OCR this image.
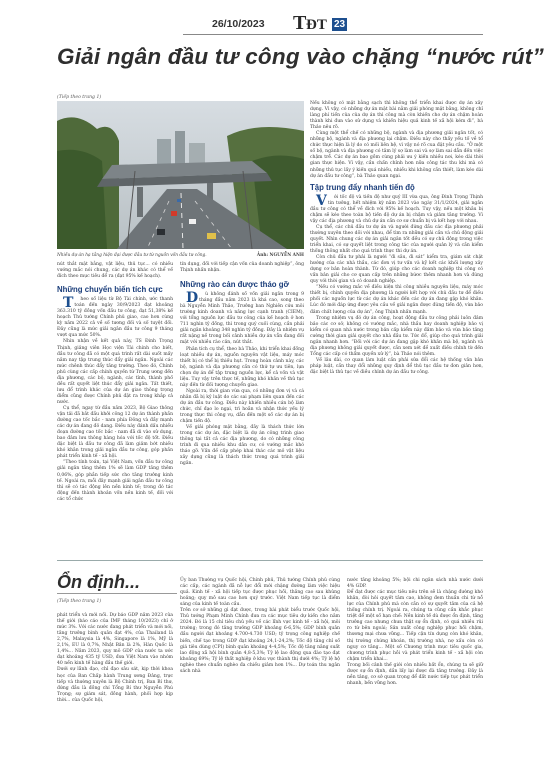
26/10/2023 T ĐT 23
Giải ngân đầu tư công vào chặng “nước rút”
(Tiếp theo trang 1)
Nhiều dự án hạ tầng hiện đại được đầu tư từ nguồn vốn đầu tư công.	Ảnh: NGUYỄN ANH

nút thắt mặt bằng, vật liệu, thủ tục... có nhiều vướng mắc nói chung, các dự án khác có thể về đích theo mục tiêu để ra (đạt 95% kế hoạch).

Những chuyển biến tích cực

Theo số liệu từ Bộ Tài chính, ước thanh toán đến ngày 30/9/2023 đạt khoảng 363.310 tỷ đồng vốn đầu tư công, đạt 51,38% kế hoạch Thủ tướng Chính phủ giao, cao hơn cùng kỳ năm 2022 cả về số tương đối và số tuyệt đối. Đây cũng là mức giải ngân đầu tư công 9 tháng vượt qua mức 50%.

Nhìn nhận về kết quả này, TS Đinh Trọng Thịnh, giảng viên Học viện Tài chính cho biết, đầu tư công đã có một quá trình rất dài suốt mấy năm nay tập trung thúc đẩy giải ngân. Ngoài các mức chênh thúc đẩy tăng trưởng. Theo đó, Chính phủ cùng các cấp chính quyền từ Trung ương đến địa phương, các bộ, ngành, các tỉnh, thành phố đều rất quyết liệt thúc đẩy giải ngân. Tất thiết, lưu đổ trình khác của dự án giao thông trọng điểm cũng được Chính phủ đặt ra trong khắp cả nước.

Cụ thể, ngay từ đầu năm 2023, Bộ Giao thông vận tải đã bắt đầu khởi công 12 dự án thành phần đường cao tốc bắc - nam phía Đông và đầy mạnh các dự án đang đỏ dang. Điều này đánh dấu nhiều đoạn đường cao tốc bắc - nam đã di vào sử dụng, bao đảm lưu thông hàng hóa với tốc độ tốt. Điều đặc biệt là đầu tư công đã làm giảm bớt nhiều khó khăn trong giải ngân đầu tư công, góp phần phát triển kinh tế - xã hội.

“Theo tính toán, tại Việt Nam, vốn đầu tư công giải ngân tăng thêm 1% sẽ làm GDP tăng thêm 0,06%, góp phần tiếp sức cho tăng trưởng kinh tế. Ngoài ra, mỗi đây mạnh giải ngân đầu tư công thì sẽ có tác động lên nền kinh tế; trong đó tác động đến thành khoản vốn nền kinh tế, đối với các tổ chức

tín dụng, đối với tiếp cận vốn của doanh nghiệp”, ông Thịnh nhấn nhận.

Những rào cản được tháo gỡ

Dù không đánh số vốn giải ngân trong 9 tháng đầu năm 2023 là khá cao, song theo bà Nguyễn Minh Thảo, Trưởng ban Nghiên cứu môi trường kinh doanh và năng lực cạnh tranh (CIEM), với tổng nguồn lực đầu tư công của kế hoạch ở hơn 711 nghìn tỷ đồng, thì trong quý cuối cùng, cần phải giải ngân khoảng 348 nghìn tỷ đồng. Đây là nhiệm vụ rất nặng nề trong bối cảnh nhiều dự án vẫn đang đối mặt với nhiều rào cản, nút thắt.

Phân tích cụ thể, theo bà Thảo, khi triển khai đồng loạt nhiều dự án, nguồn nguyên vật liệu, máy móc thiết bị có thể bị thiếu hụt. Trong hoàn cảnh này, các bộ, ngành và địa phương cần có thứ tự ưu tiên, lựa chọn dự án để tập trung nguồn lực, kể cả vốn và vật liệu. Tuy vậy trên thực tế, những khó khăn về thủ tục này đến từ đối tượng chuyển giao.

Ngoài ra, thời gian vừa qua, có những đơn vị và cá nhân đã bị kỷ luật do các sai phạm liên quan đến các dự án đầu tư công. Điều này khiến nhiều cán bộ làm chức, chỉ đạo lo ngại, trì hoãn và nhận thức yếu lý trong thực thi công vụ, dẫn đến một số các dự án bị chậm tiến độ.

Về giải phóng mặt bằng, đây là thách thức lớn trong các dự án, đặc biệt là dự án công trình giao thông tại tất cả các địa phương, do có những công trình đi qua nhiều khu dân cư, có vướng mắc khó tháo gỡ. Vấn đề cấp phép khai thác các mỏ vật liệu xây dựng cũng là thách thức trong quá trình giải ngân.

Nếu không có mặt bằng sạch thì không thể triển khai được dự án xây dựng. Vì vậy, có những dự án mặt bài nằm giải phóng mặt bằng, không chỉ làng phí tiền của của dự án thì công mà còn khiến cho dự án chậm hoàn thành khi đưa vào sử dụng và khiến hiệu quả kinh tế xã hội kém đi”, bà Thảo nêu rõ.

Cùng một thể chế có những bộ, ngành và địa phương giải ngân tốt, có những bộ, ngành và địa phương lại chậm. Điều này cho thấy yếu tố về tổ chức thực hiện là lý do có mối liên hệ, vì vậy nó rõ cua đặt yêu cầu. “Ở một số bộ, ngành và địa phương có tâm lý sợ làm sai và sợ làm sai dẫn đến việc chậm trễ. Các dự án bao gồm cùng phải ưu ý kiến nhiều nơi, kéo dài thời gian thực hiện. Vì vậy, cần chấn chỉnh hơn nữa công tác thu khi mà có những thủ tục lấy ý kiến quá nhiều, nhiều khi không cần thiết, làm kéo dài dự án đầu tư công”, bà Thảo quan ngại.

Tập trung đẩy nhanh tiến độ

Với tốc độ và tiến độ như quý III vừa qua, ông Đinh Trọng Thịnh tin tưởng, hết nhiệm kỳ năm 2023 vào ngày 31/1/2024, giải ngân đầu tư công có thể về đích với 95% kế hoạch. Tuy vậy, nếu một khâu bị chậm sẽ kéo theo toàn bộ tiến độ dự án bị chậm và giảm tăng trưởng. Vì vậy các địa phương và chủ dự án cần cơ sư chuẩn bị và kết hợp với nhau.

Cụ thể, các chủ đầu tư dự án và người đứng đầu các địa phương phải thường xuyên theo dõi với nhau, để tìm ra những giải cần và chủ động giải quyết. Nhìn chung các dự án giải ngân tốt đều có sự chủ động trong việc triển khai, có sự quyết liệt trong công tác của người quản lý và cần kiểm thống thông nhất cho quá trình thực thi dự án.

Còn chủ đầu tư phải là người “đi sâu, đi sát” kiểm tra, giám sát chặt hướng của các nhà thầu, các đơn vị tư vấn và kỹ kết các khối lượng xây dựng cơ bản hoàn thành. Từ đó, giúp cho các doanh nghiệp thi công có vấn bản giải cho cơ quan cấp trên những bứơc thêm nhanh hơn và đúng quy với thời gian và có doanh nghiệp.

“Nếu có vướng mắc về điều kiện thì công nhiều nguyên liệu, máy móc thiết bị, chính quyền địa phương là người kết hợp với chủ đầu tư để điều phối các nguồn lực từ các dự án khác đến các dự án đang gặp khó khăn. Lúc đó mới đáp ứng được yêu cầu về giải ngân được đúng tiến độ, vừa bảo đảm chất lượng của dự án”, ông Thịnh nhấn mạnh.

Trong nhiệm vụ đó dự án công, hoạt động đầu tư công phải luôn đảm bảo các cơ sở, không có vướng mắc, nhà thầu hay doanh nghiệp bảo vị kiểm có quan nhà nước trong bản cấp kiểm này đảm bảo và vừa bảo tăng cường thời gian giải quyết cho nhà đầu tư. Tức đổ, giúp cho quá trình giải ngân nhanh hơn. “Đối với các dự án đang gặp khó khăn mà bộ, ngành và địa phương không giải quyết được, cần xem xét đề xuất điều chỉnh từ đến Tổng các cấp có thẩm quyền xử lý”, bà Thảo nói thêm.

Về lâu dài, cơ quan làm luật cần phải sửa đổi các hệ thống văn bản pháp luật, cần thay đổi những quy định để thủ tục đầu tư đơn giản hơn, đặc biệt là thủ tục về điều chỉnh dự án đầu tư công.

Ổn định...
(Tiếp theo trang 1)

phát triển và mới nối. Dự báo GDP năm 2023 của thế giới (báo cáo của IMF tháng 10/2023) chỉ ở mức 3%. Với các nước đang phát triển và mới nối, tăng trưởng bình quân đạt 4%, của Thailand là 2,7%, Malaysia là 4%, Singapore là 1%, Mỹ là 2,1%, EU là 0,7%, Nhật Bản là 2%, Hàn Quốc là 1,4%... Năm 2023, quy mô GDP của nước ta ước đạt khoảng 435 tỷ USD, đưa Việt Nam vào nhóm 40 nền kinh tế hàng đầu thế giới.
Dưới sự lãnh đạo, chỉ đạo sâu sát, kịp thời khoa học của Ban Chấp hành Trung ương Đảng, trực tiếp và thường xuyên là Bộ Chính trị, Ban Bí thư, đứng đầu là đồng chí Tổng Bí thư Nguyễn Phú Trọng; sự giám sát, đồng hành, phối hợp kịp thời... của Quốc hội,

Ủy ban Thường vụ Quốc hội, Chính phủ, Thủ tướng Chính phủ cùng các cấp, các ngành đã nỗ lực đổi mới chặng đường làm việc hiệu quả. Kinh tế - xã hội tiếp tục được phục hồi, thăng cao sau khủng hoảng; quy mô sau cao hơn quý trước. Việt Nam tiếp tục là điểm sáng của kinh tế toàn cầu.
Trên cơ sở những gì đạt được, trong bài phát biểu trước Quốc hội, Thủ tướng Phạm Minh Chính đưa ra các mục tiêu dự kiến cho năm 2024. Đó là 15 chỉ tiêu chủ yếu về các lĩnh vực kinh tế - xã hội, môi trường; trong đó tăng trưởng GDP khoảng 6-6,5%; GDP bình quân đầu người đạt khoảng 4.700-4.730 USD; tỷ trọng công nghiệp chế biến, chế tạo trong GDP đạt khoảng 24,1-24,2%; Tốc độ tăng chỉ số giá tiêu dùng (CPI) bình quân khoảng 4-4,5%; Tốc độ tăng năng suất lao động xã hội bình quân 4,8-5,3%; Tỷ lệ lao động qua đào tạo đạt khoảng 69%; Tỷ lệ thất nghiệp ở khu vực thành thị dưới 4%; Tỷ lệ hộ nghèo theo chuẩn nghèo đa chiều giảm hơn 1%... Dự toán thu ngân sách nhà

nước tăng khoảng 5%; bội chi ngân sách nhà nước dưới 4% GDP.
Để đạt được các mục tiêu nêu trên sẽ là chặng đường khó khăn, đòi hỏi quyết tâm cao, không đem thuần chi từ nỗ lực của Chính phủ mà còn cần có sự quyết tâm của cả hệ thống chính trị. Ngoài ra, chúng ta cũng cần khắc phục triệt để một số hạn chế: Nền kinh tế dù được ổn định, tăng trưởng cao nhưng chưa thật sự ổn định, có quá nhiều rủi ro từ bên ngoài; Sản xuất công nghiệp phục hồi chậm, thương mại chưa vững... Tiếp cận tín dụng còn khó khăn, thị trường chứng khoán, thị trường nhà, nợ xấu còn có nguy cơ tăng... Một số Chương trình mục tiêu quốc gia, chương trình phục hồi và phát triển kinh tế - xã hội còn chậm triển khai...
Trong bối cảnh thế giới còn nhiều bất ổn, chúng ta sẽ giữ được sự ổn định, dần lấy lại được đà tăng trưởng. Đây là nền tảng, cơ sở quan trọng để đất nước tiếp tục phát triển nhanh, bền vững hơn.
